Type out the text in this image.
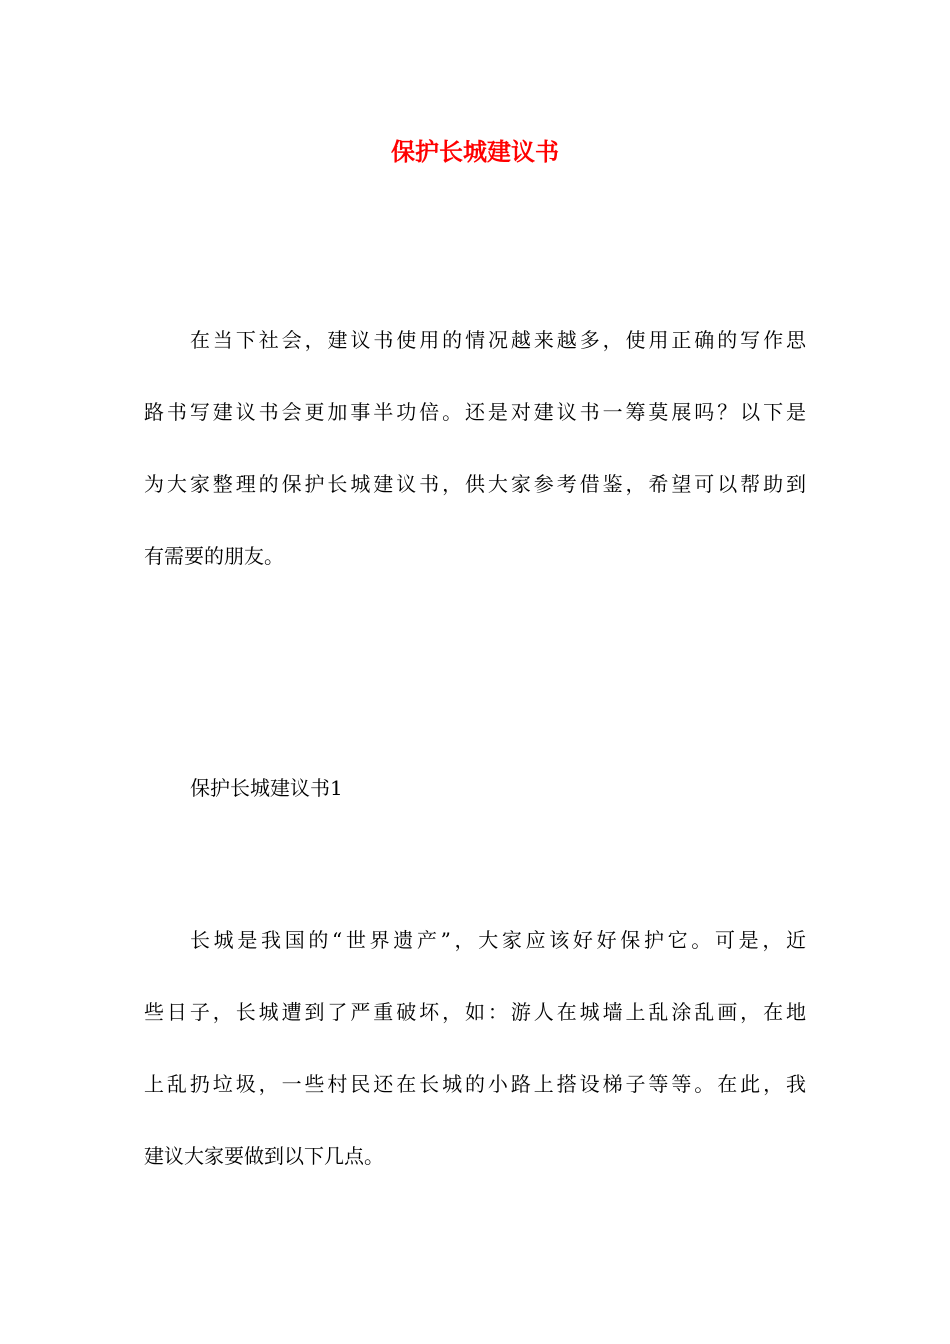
保护长城建议书
在当下社会，建议书使用的情况越来越多，使用正确的写作思
路书写建议书会更加事半功倍。还是对建议书一筹莫展吗？以下是
为大家整理的保护长城建议书，供大家参考借鉴，希望可以帮助到
有需要的朋友。

保护长城建议书1

长城是我国的“世界遗产”，大家应该好好保护它。可是，近
些日子，长城遭到了严重破坏，如：游人在城墙上乱涂乱画，在地
上乱扔垃圾，一些村民还在长城的小路上搭设梯子等等。在此，我
建议大家要做到以下几点。
